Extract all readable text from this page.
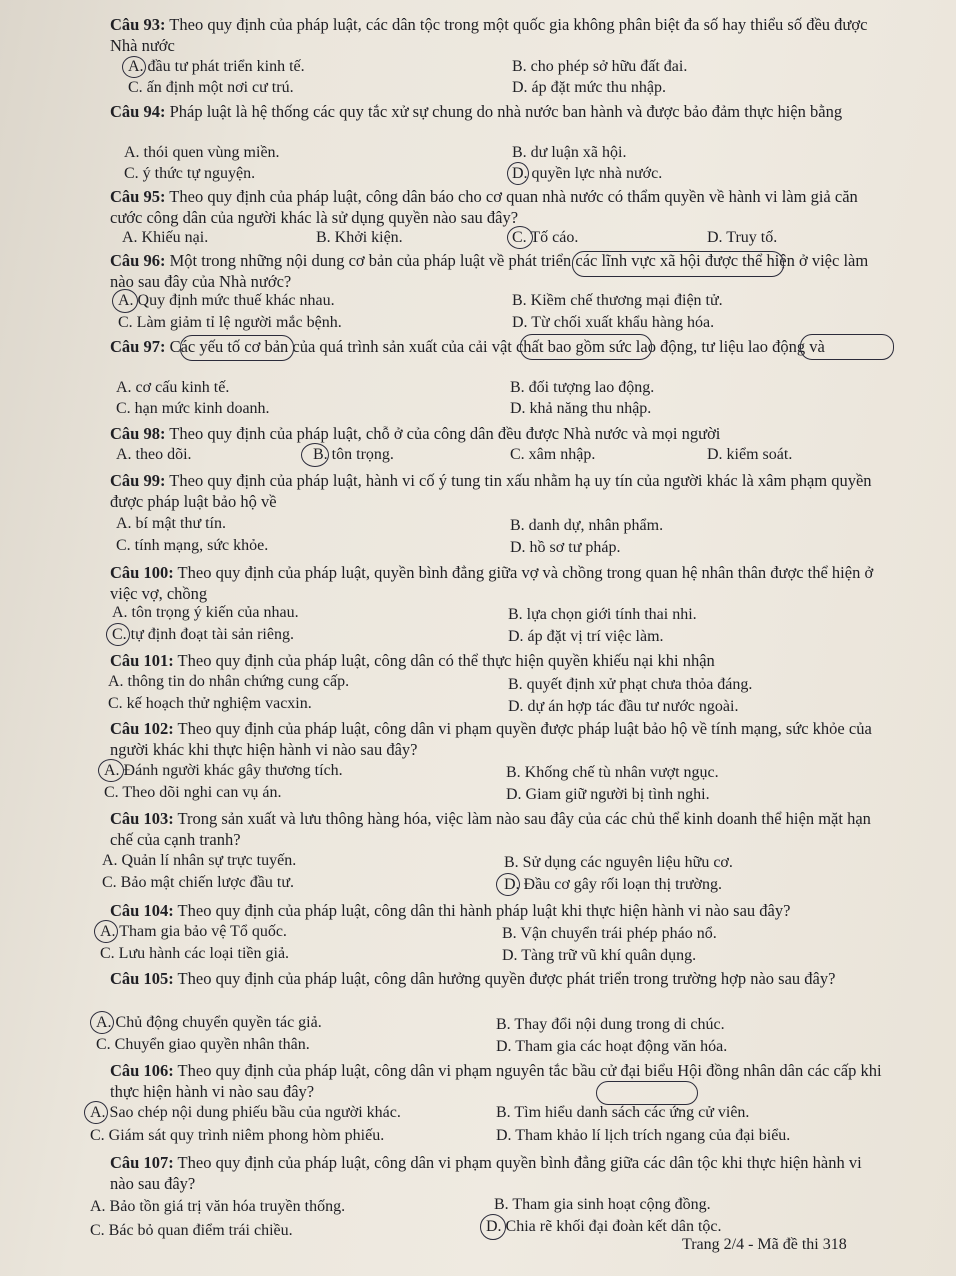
Câu 93: Theo quy định của pháp luật, các dân tộc trong một quốc gia không phân biệt đa số hay thiểu số đều được Nhà nước
A. đầu tư phát triển kinh tế.	B. cho phép sở hữu đất đai.
C. ấn định một nơi cư trú.	D. áp đặt mức thu nhập.
Câu 94: Pháp luật là hệ thống các quy tắc xử sự chung do nhà nước ban hành và được bảo đảm thực hiện bằng
A. thói quen vùng miền.	B. dư luận xã hội.
C. ý thức tự nguyện.	D. quyền lực nhà nước.
Câu 95: Theo quy định của pháp luật, công dân báo cho cơ quan nhà nước có thẩm quyền về hành vi làm giả căn cước công dân của người khác là sử dụng quyền nào sau đây?
A. Khiếu nại.	B. Khởi kiện.	C. Tố cáo.	D. Truy tố.
Câu 96: Một trong những nội dung cơ bản của pháp luật về phát triển các lĩnh vực xã hội được thể hiện ở việc làm nào sau đây của Nhà nước?
A. Quy định mức thuế khác nhau.	B. Kiềm chế thương mại điện tử.
C. Làm giảm tỉ lệ người mắc bệnh.	D. Từ chối xuất khẩu hàng hóa.
Câu 97: Các yếu tố cơ bản của quá trình sản xuất của cải vật chất bao gồm sức lao động, tư liệu lao động và
A. cơ cấu kinh tế.	B. đối tượng lao động.
C. hạn mức kinh doanh.	D. khả năng thu nhập.
Câu 98: Theo quy định của pháp luật, chỗ ở của công dân đều được Nhà nước và mọi người
A. theo dõi.	B. tôn trọng.	C. xâm nhập.	D. kiểm soát.
Câu 99: Theo quy định của pháp luật, hành vi cố ý tung tin xấu nhằm hạ uy tín của người khác là xâm phạm quyền được pháp luật bảo hộ về
A. bí mật thư tín.	B. danh dự, nhân phẩm.
C. tính mạng, sức khỏe.	D. hồ sơ tư pháp.
Câu 100: Theo quy định của pháp luật, quyền bình đẳng giữa vợ và chồng trong quan hệ nhân thân được thể hiện ở việc vợ, chồng
A. tôn trọng ý kiến của nhau.	B. lựa chọn giới tính thai nhi.
C. tự định đoạt tài sản riêng.	D. áp đặt vị trí việc làm.
Câu 101: Theo quy định của pháp luật, công dân có thể thực hiện quyền khiếu nại khi nhận
A. thông tin do nhân chứng cung cấp.	B. quyết định xử phạt chưa thỏa đáng.
C. kế hoạch thử nghiệm vacxin.	D. dự án hợp tác đầu tư nước ngoài.
Câu 102: Theo quy định của pháp luật, công dân vi phạm quyền được pháp luật bảo hộ về tính mạng, sức khỏe của người khác khi thực hiện hành vi nào sau đây?
A. Đánh người khác gây thương tích.	B. Khống chế tù nhân vượt ngục.
C. Theo dõi nghi can vụ án.	D. Giam giữ người bị tình nghi.
Câu 103: Trong sản xuất và lưu thông hàng hóa, việc làm nào sau đây của các chủ thể kinh doanh thể hiện mặt hạn chế của cạnh tranh?
A. Quản lí nhân sự trực tuyến.	B. Sử dụng các nguyên liệu hữu cơ.
C. Bảo mật chiến lược đầu tư.	D. Đầu cơ gây rối loạn thị trường.
Câu 104: Theo quy định của pháp luật, công dân thi hành pháp luật khi thực hiện hành vi nào sau đây?
A. Tham gia bảo vệ Tổ quốc.	B. Vận chuyển trái phép pháo nổ.
C. Lưu hành các loại tiền giả.	D. Tàng trữ vũ khí quân dụng.
Câu 105: Theo quy định của pháp luật, công dân hưởng quyền được phát triển trong trường hợp nào sau đây?
A. Chủ động chuyển quyền tác giả.	B. Thay đổi nội dung trong di chúc.
C. Chuyển giao quyền nhân thân.	D. Tham gia các hoạt động văn hóa.
Câu 106: Theo quy định của pháp luật, công dân vi phạm nguyên tắc bầu cử đại biểu Hội đồng nhân dân các cấp khi thực hiện hành vi nào sau đây?
A. Sao chép nội dung phiếu bầu của người khác.	B. Tìm hiểu danh sách các ứng cử viên.
C. Giám sát quy trình niêm phong hòm phiếu.	D. Tham khảo lí lịch trích ngang của đại biểu.
Câu 107: Theo quy định của pháp luật, công dân vi phạm quyền bình đẳng giữa các dân tộc khi thực hiện hành vi nào sau đây?
A. Bảo tồn giá trị văn hóa truyền thống.	B. Tham gia sinh hoạt cộng đồng.
C. Bác bỏ quan điểm trái chiều.	D. Chia rẽ khối đại đoàn kết dân tộc.
Trang 2/4 - Mã đề thi 318
